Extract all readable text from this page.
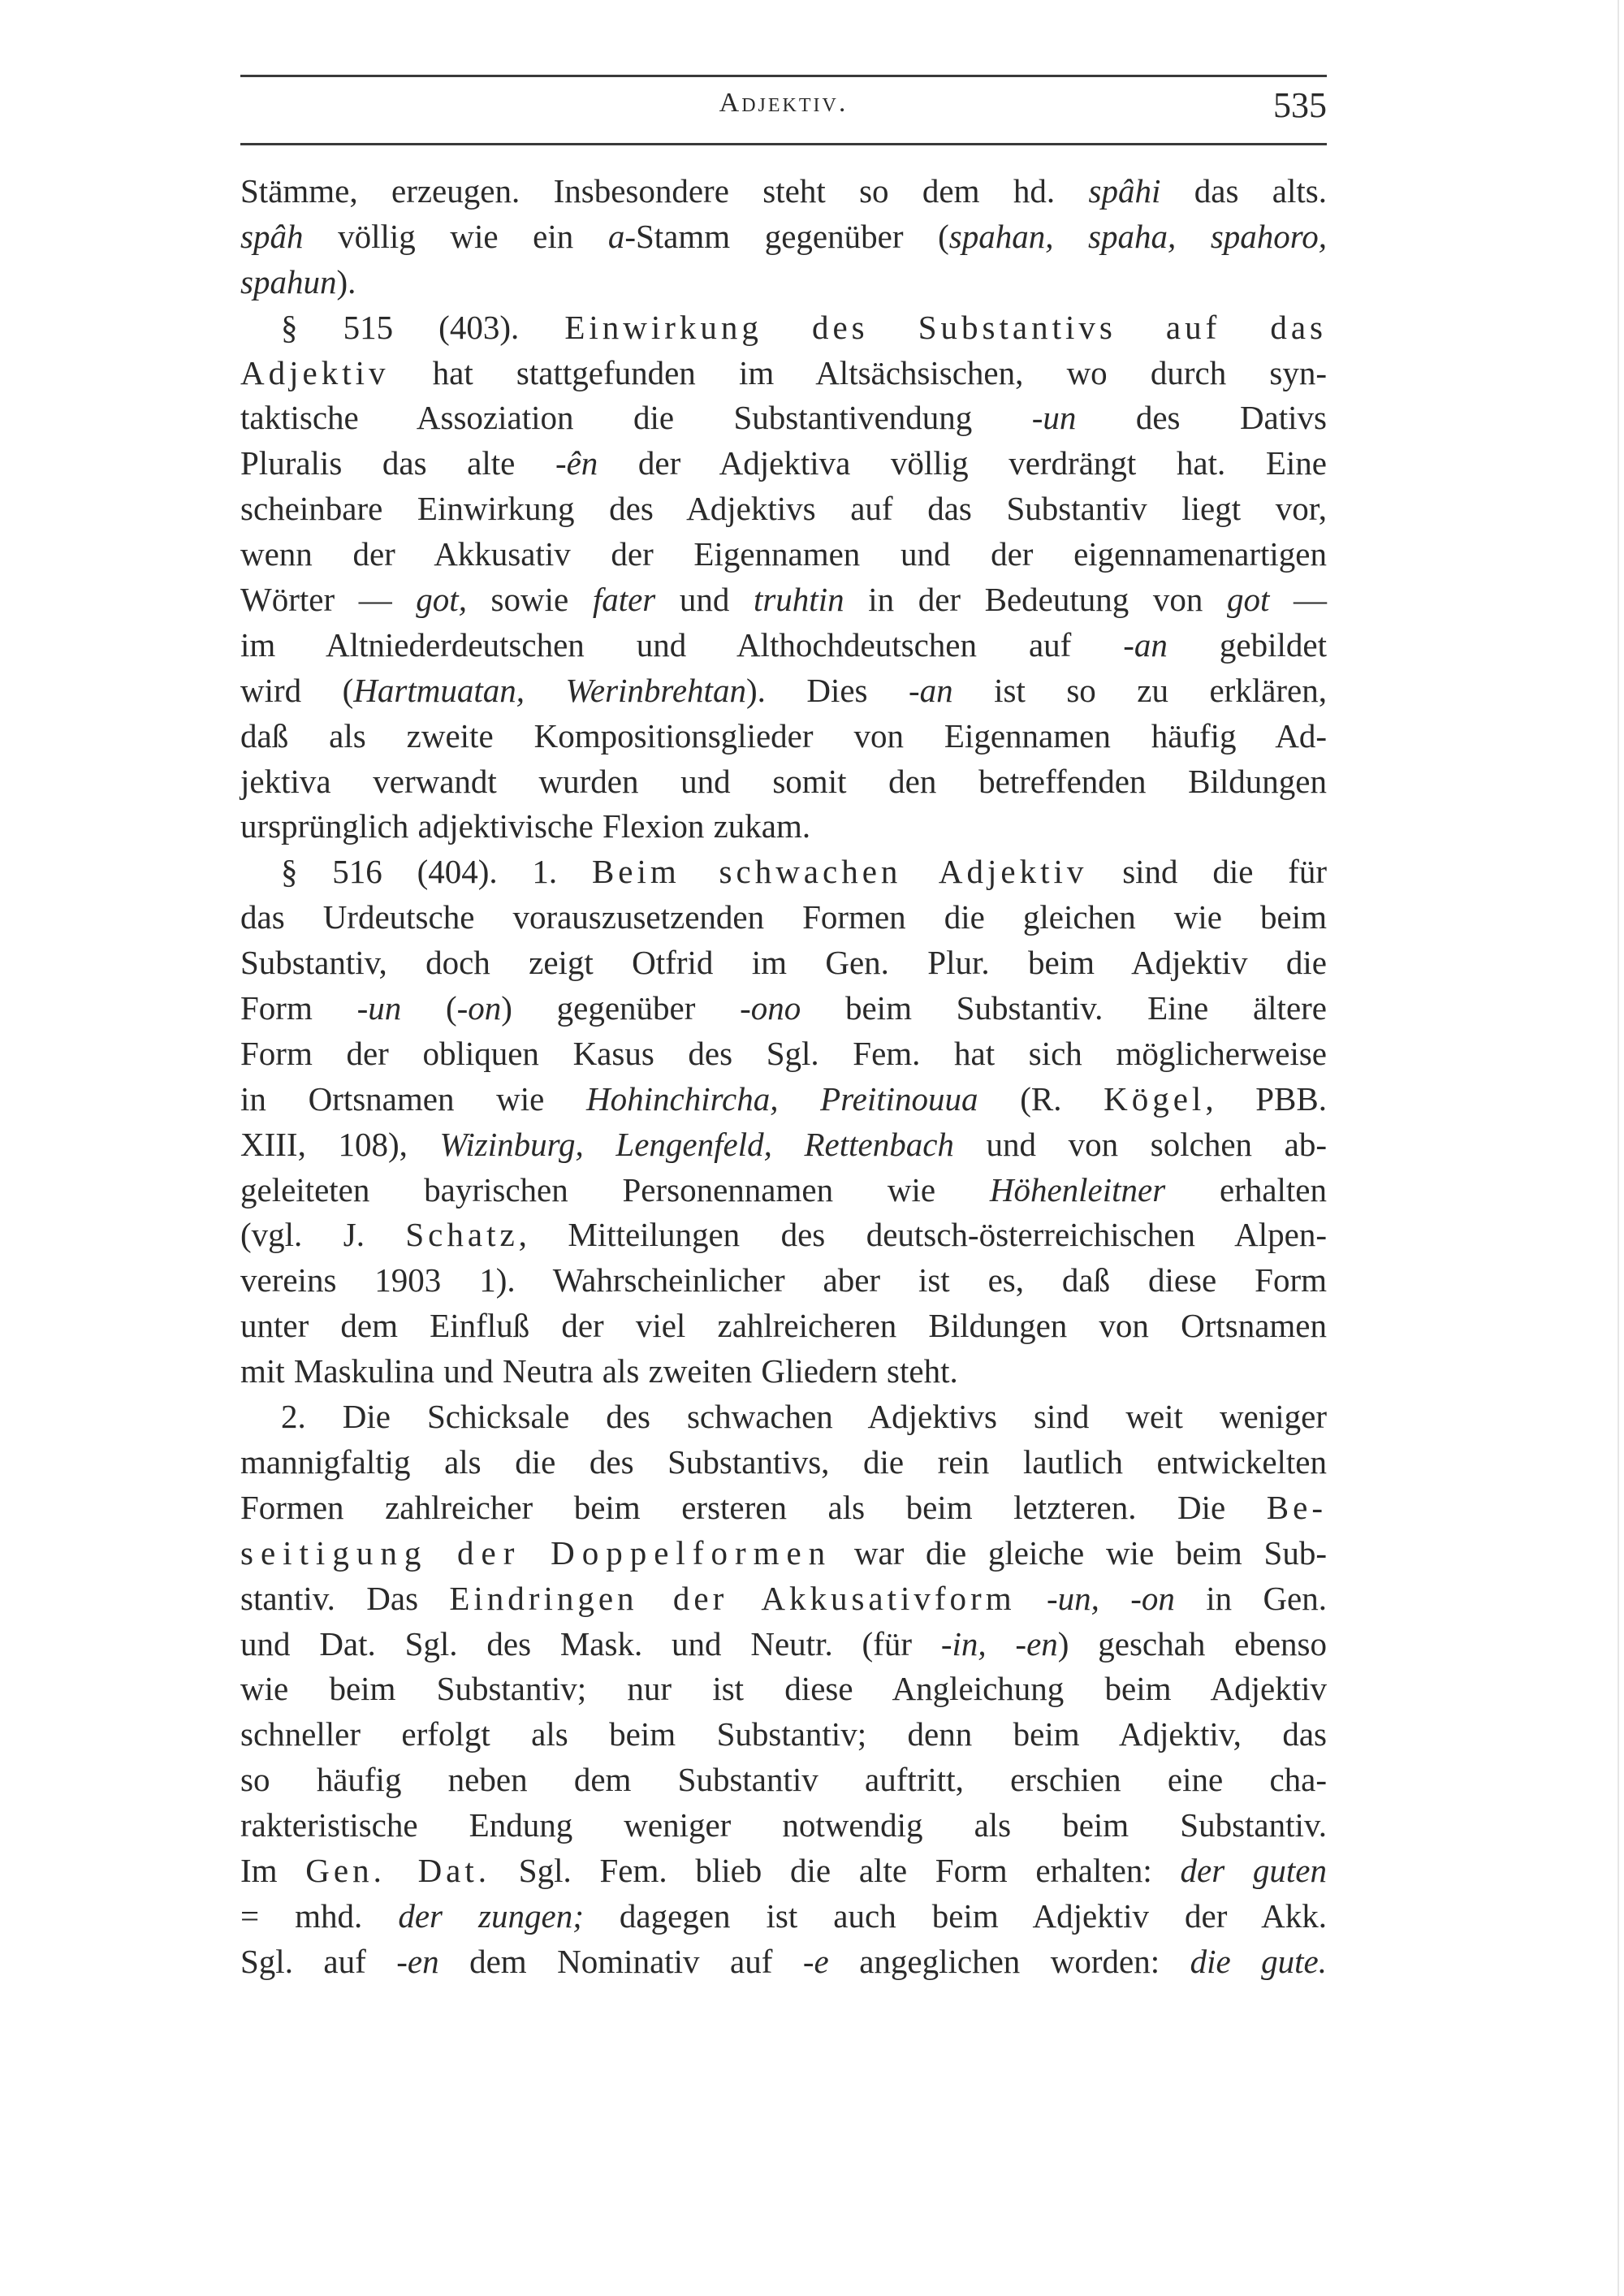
Adjektiv.	535
Stämme, erzeugen. Insbesondere steht so dem hd. spâhi das alts.
spâh völlig wie ein a-Stamm gegenüber (spahan, spaha, spahoro,
spahun).
§ 515 (403). Einwirkung des Substantivs auf das
Adjektiv hat stattgefunden im Altsächsischen, wo durch syn-
taktische Assoziation die Substantivendung -un des Dativs
Pluralis das alte -ên der Adjektiva völlig verdrängt hat. Eine
scheinbare Einwirkung des Adjektivs auf das Substantiv liegt vor,
wenn der Akkusativ der Eigennamen und der eigennamenartigen
Wörter — got, sowie fater und truhtin in der Bedeutung von got —
im Altniederdeutschen und Althochdeutschen auf -an gebildet
wird (Hartmuatan, Werinbrehtan). Dies -an ist so zu erklären,
daß als zweite Kompositionsglieder von Eigennamen häufig Ad-
jektiva verwandt wurden und somit den betreffenden Bildungen
ursprünglich adjektivische Flexion zukam.
§ 516 (404). 1. Beim schwachen Adjektiv sind die für
das Urdeutsche vorauszusetzenden Formen die gleichen wie beim
Substantiv, doch zeigt Otfrid im Gen. Plur. beim Adjektiv die
Form -un (-on) gegenüber -ono beim Substantiv. Eine ältere
Form der obliquen Kasus des Sgl. Fem. hat sich möglicherweise
in Ortsnamen wie Hohinchircha, Preitinouua (R. Kögel, PBB.
XIII, 108), Wizinburg, Lengenfeld, Rettenbach und von solchen ab-
geleiteten bayrischen Personennamen wie Höhenleitner erhalten
(vgl. J. Schatz, Mitteilungen des deutsch-österreichischen Alpen-
vereins 1903 1). Wahrscheinlicher aber ist es, daß diese Form
unter dem Einfluß der viel zahlreicheren Bildungen von Ortsnamen
mit Maskulina und Neutra als zweiten Gliedern steht.
2. Die Schicksale des schwachen Adjektivs sind weit weniger
mannigfaltig als die des Substantivs, die rein lautlich entwickelten
Formen zahlreicher beim ersteren als beim letzteren. Die Be-
seitigung der Doppelformen war die gleiche wie beim Sub-
stantiv. Das Eindringen der Akkusativform -un, -on in Gen.
und Dat. Sgl. des Mask. und Neutr. (für -in, -en) geschah ebenso
wie beim Substantiv; nur ist diese Angleichung beim Adjektiv
schneller erfolgt als beim Substantiv; denn beim Adjektiv, das
so häufig neben dem Substantiv auftritt, erschien eine cha-
rakteristische Endung weniger notwendig als beim Substantiv.
Im Gen. Dat. Sgl. Fem. blieb die alte Form erhalten: der guten
= mhd. der zungen; dagegen ist auch beim Adjektiv der Akk.
Sgl. auf -en dem Nominativ auf -e angeglichen worden: die gute.
